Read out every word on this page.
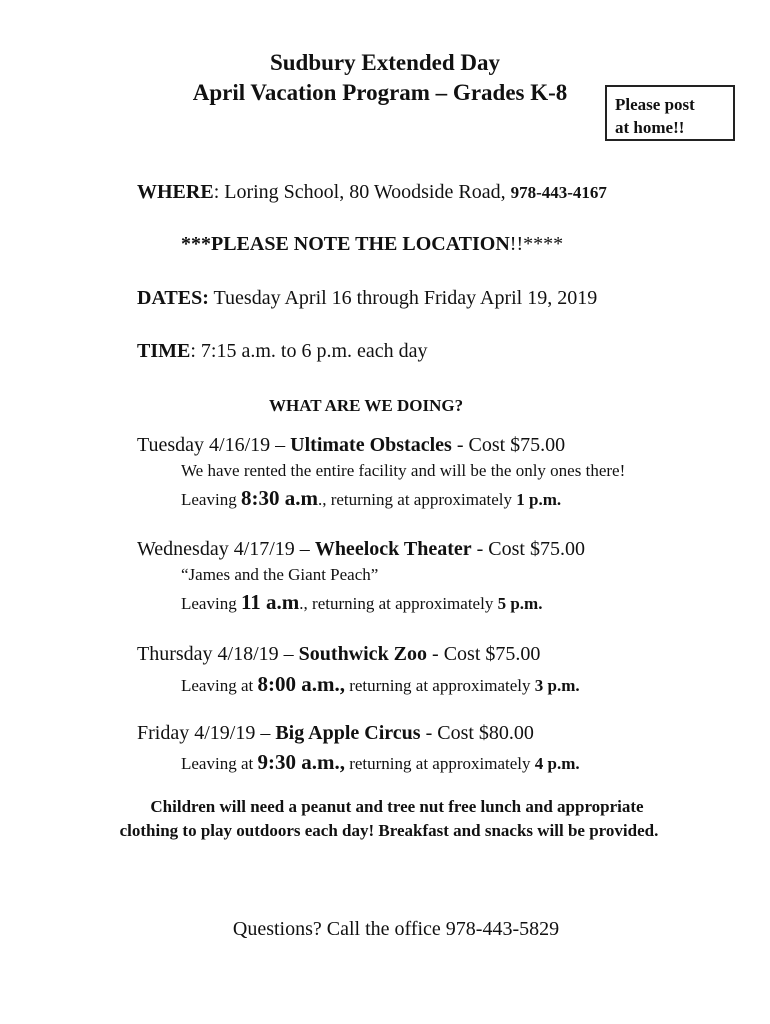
Sudbury Extended Day
April Vacation Program – Grades K-8	Please post
at home!!
WHERE: Loring School, 80 Woodside Road, 978-443-4167
***PLEASE NOTE THE LOCATION!!****
DATES: Tuesday April 16 through Friday April 19, 2019
TIME: 7:15 a.m. to 6 p.m. each day
WHAT ARE WE DOING?
Tuesday 4/16/19 – Ultimate Obstacles - Cost $75.00
We have rented the entire facility and will be the only ones there!
Leaving 8:30 a.m., returning at approximately 1 p.m.
Wednesday 4/17/19 – Wheelock Theater - Cost $75.00
“James and the Giant Peach”
Leaving 11 a.m., returning at approximately 5 p.m.
Thursday 4/18/19 – Southwick Zoo - Cost $75.00
Leaving at 8:00 a.m., returning at approximately 3 p.m.
Friday 4/19/19 – Big Apple Circus - Cost $80.00
Leaving at 9:30 a.m., returning at approximately 4 p.m.
Children will need a peanut and tree nut free lunch and appropriate
clothing to play outdoors each day! Breakfast and snacks will be provided.
Questions? Call the office 978-443-5829
